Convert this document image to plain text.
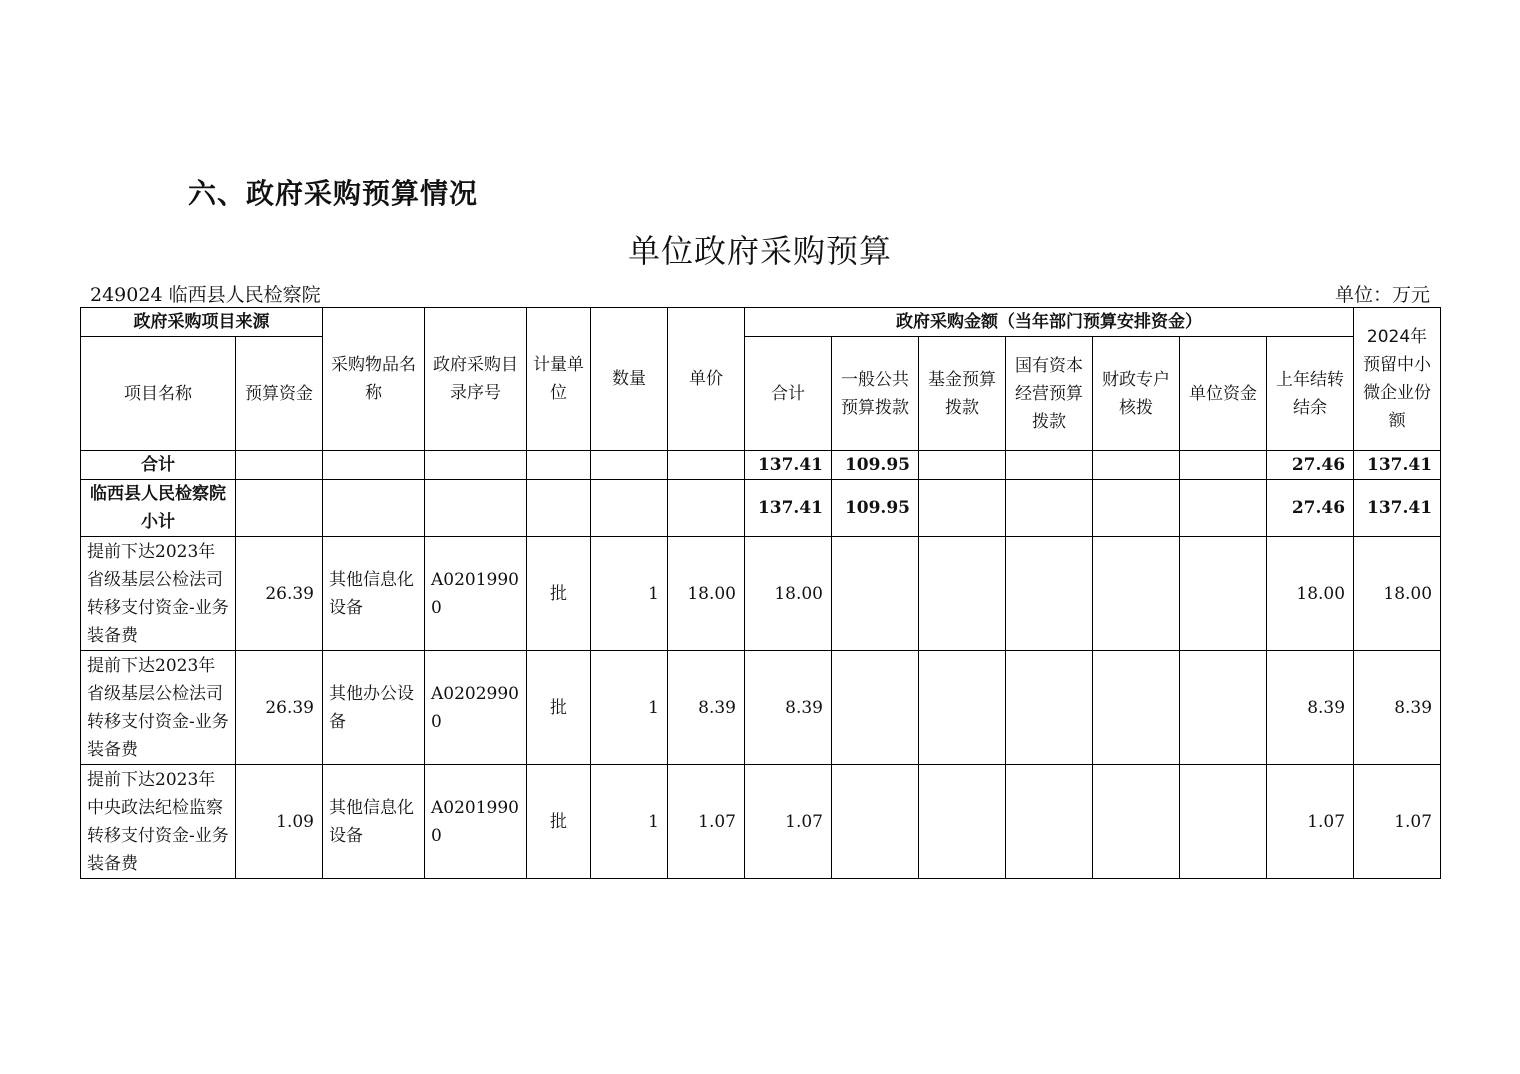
六、政府采购预算情况
单位政府采购预算
249024 临西县人民检察院	单位：万元
政府采购项目来源		采购物品名称	政府采购目录序号	计量单位	数量	单价	政府采购金额（当年部门预算安排资金）							2024年预留中小微企业份额
项目名称	预算资金						合计	一般公共预算拨款	基金预算拨款	国有资本经营预算拨款	财政专户核拨	单位资金	上年结转结余	
合计							137.41	109.95					27.46	137.41
临西县人民检察院小计							137.41	109.95					27.46	137.41
提前下达2023年省级基层公检法司转移支付资金-业务装备费	26.39	其他信息化设备	A02019900	批	1	18.00	18.00						18.00	18.00
提前下达2023年省级基层公检法司转移支付资金-业务装备费	26.39	其他办公设备	A02029900	批	1	8.39	8.39						8.39	8.39
提前下达2023年中央政法纪检监察转移支付资金-业务装备费	1.09	其他信息化设备	A02019900	批	1	1.07	1.07						1.07	1.07
